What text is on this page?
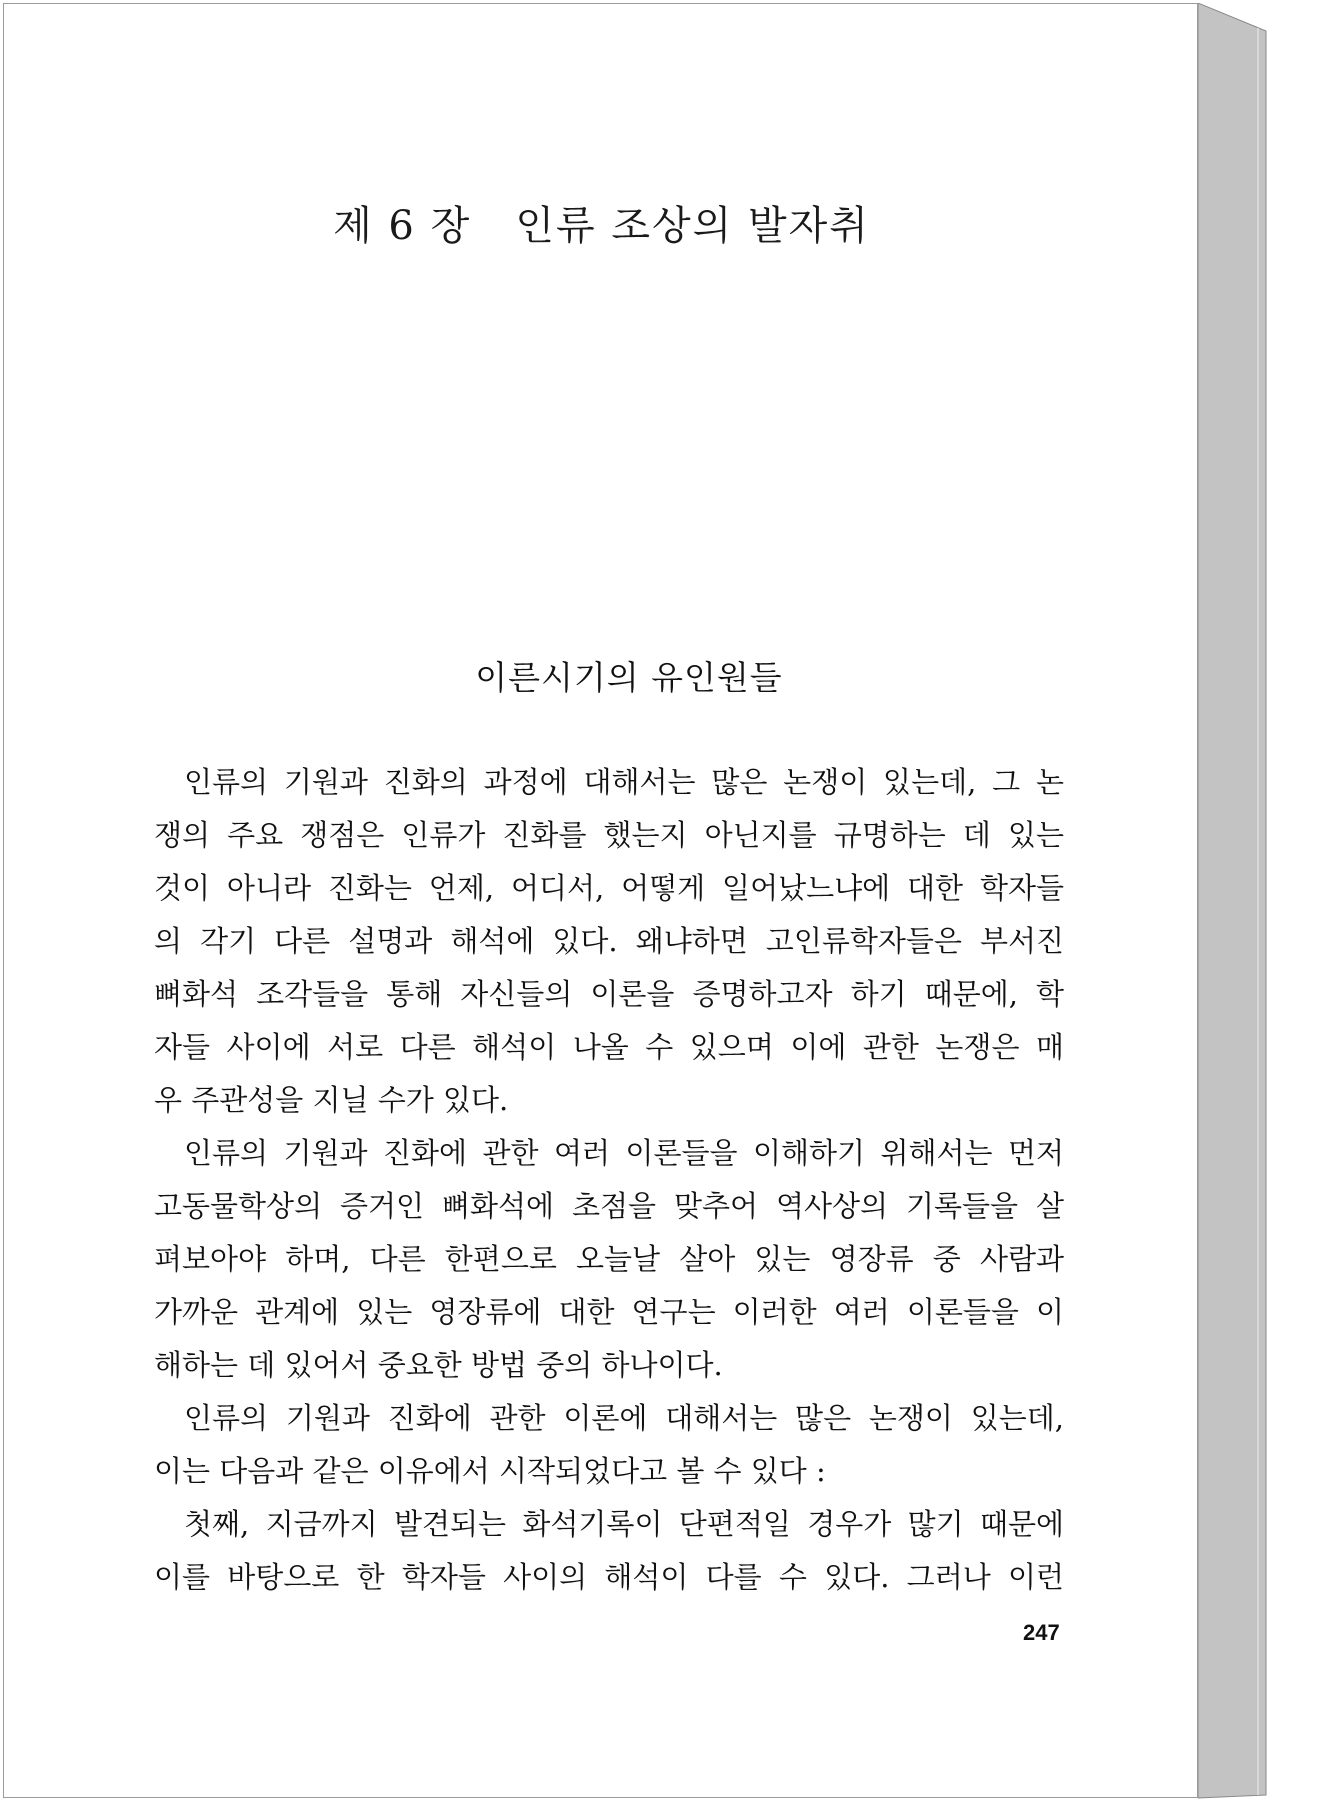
제 6 장   인류 조상의 발자취
이른시기의 유인원들
인류의 기원과 진화의 과정에 대해서는 많은 논쟁이 있는데, 그 논
쟁의 주요 쟁점은 인류가 진화를 했는지 아닌지를 규명하는 데 있는
것이 아니라 진화는 언제, 어디서, 어떻게 일어났느냐에 대한 학자들
의 각기 다른 설명과 해석에 있다. 왜냐하면 고인류학자들은 부서진
뼈화석 조각들을 통해 자신들의 이론을 증명하고자 하기 때문에, 학
자들 사이에 서로 다른 해석이 나올 수 있으며 이에 관한 논쟁은 매
우 주관성을 지닐 수가 있다.
인류의 기원과 진화에 관한 여러 이론들을 이해하기 위해서는 먼저
고동물학상의 증거인 뼈화석에 초점을 맞추어 역사상의 기록들을 살
펴보아야 하며, 다른 한편으로 오늘날 살아 있는 영장류 중 사람과
가까운 관계에 있는 영장류에 대한 연구는 이러한 여러 이론들을 이
해하는 데 있어서 중요한 방법 중의 하나이다.
인류의 기원과 진화에 관한 이론에 대해서는 많은 논쟁이 있는데,
이는 다음과 같은 이유에서 시작되었다고 볼 수 있다 :
첫째, 지금까지 발견되는 화석기록이 단편적일 경우가 많기 때문에
이를 바탕으로 한 학자들 사이의 해석이 다를 수 있다. 그러나 이런
247
